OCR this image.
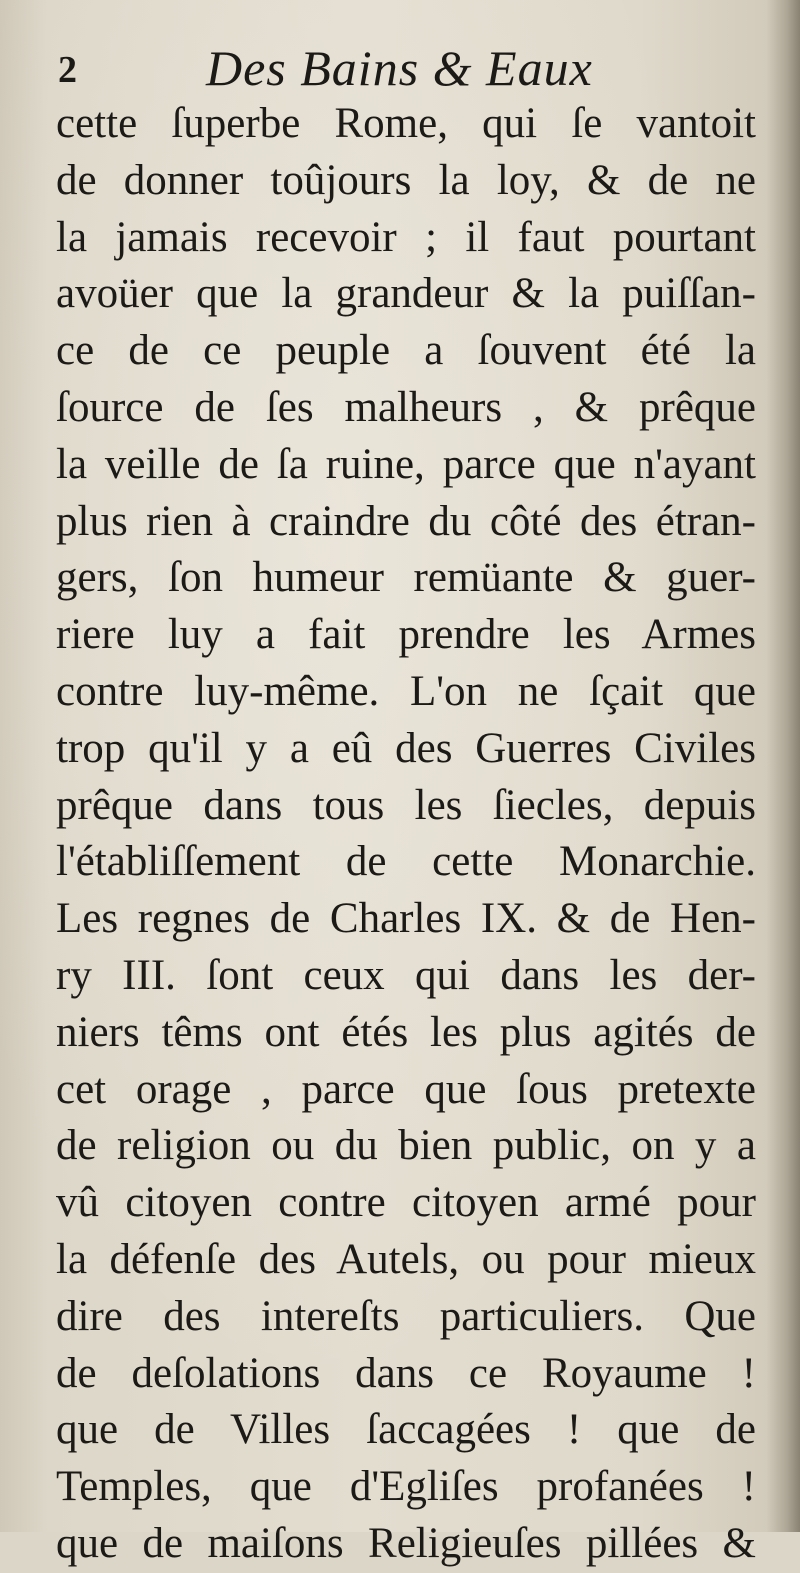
2	Des Bains & Eaux
cette ſuperbe Rome, qui ſe vantoit
de donner toûjours la loy, & de ne
la jamais recevoir ; il faut pourtant
avoüer que la grandeur & la puiſſan-
ce de ce peuple a ſouvent été la
ſource de ſes malheurs , & prêque
la veille de ſa ruine, parce que n'ayant
plus rien à craindre du côté des étran-
gers, ſon humeur remüante & guer-
riere luy a fait prendre les Armes
contre luy-même. L'on ne ſçait que
trop qu'il y a eû des Guerres Civiles
prêque dans tous les ſiecles, depuis
l'établiſſement de cette Monarchie.
Les regnes de Charles IX. & de Hen-
ry III. ſont ceux qui dans les der-
niers têms ont étés les plus agités de
cet orage , parce que ſous pretexte
de religion ou du bien public, on y a
vû citoyen contre citoyen armé pour
la défenſe des Autels, ou pour mieux
dire des intereſts particuliers. Que
de deſolations dans ce Royaume !
que de Villes ſaccagées ! que de
Temples, que d'Egliſes profanées !
que de maiſons Religieuſes pillées &
